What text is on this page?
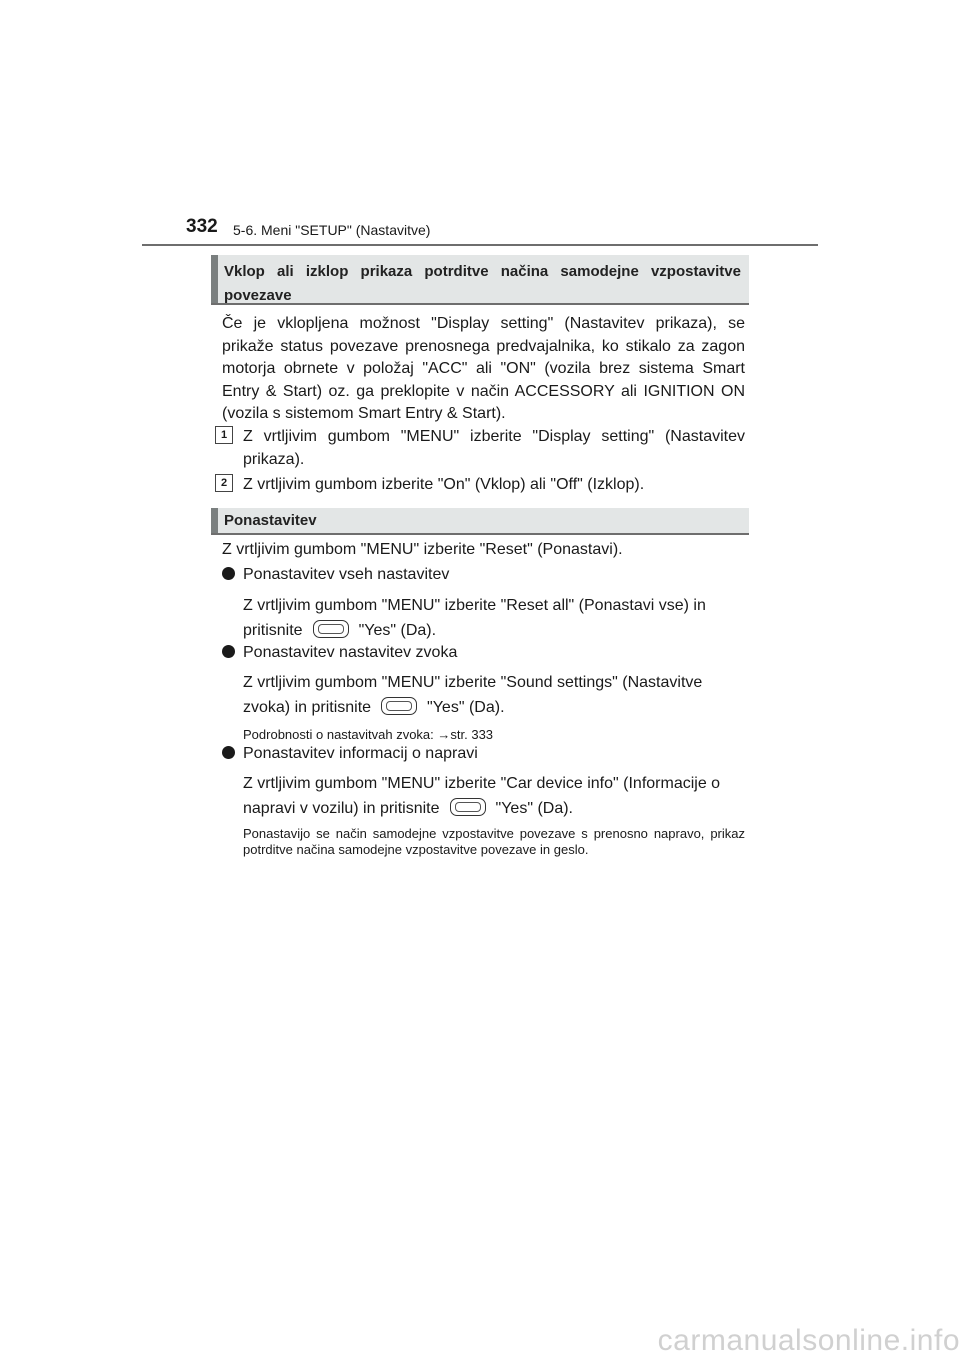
332 5-6. Meni "SETUP" (Nastavitve)
Vklop ali izklop prikaza potrditve načina samodejne vzpostavitve povezave

Če je vklopljena možnost "Display setting" (Nastavitev prikaza), se prikaže status povezave prenosnega predvajalnika, ko stikalo za zagon motorja obrnete v položaj "ACC" ali "ON" (vozila brez sistema Smart Entry & Start) oz. ga preklopite v način ACCESSORY ali IGNITION ON (vozila s sistemom Smart Entry & Start).

1 Z vrtljivim gumbom "MENU" izberite "Display setting" (Nastavitev prikaza).

2 Z vrtljivim gumbom izberite "On" (Vklop) ali "Off" (Izklop).

Ponastavitev
Z vrtljivim gumbom "MENU" izberite "Reset" (Ponastavi).
Ponastavitev vseh nastavitev

Z vrtljivim gumbom "MENU" izberite "Reset all" (Ponastavi vse) in
pritisnite	"Yes" (Da).

Ponastavitev nastavitev zvoka

Z vrtljivim gumbom "MENU" izberite "Sound settings" (Nastavitve
zvoka) in pritisnite	"Yes" (Da).

Podrobnosti o nastavitvah zvoka: →str. 333

Ponastavitev informacij o napravi

Z vrtljivim gumbom "MENU" izberite "Car device info" (Informacije o
napravi v vozilu) in pritisnite	"Yes" (Da).

Ponastavijo se način samodejne vzpostavitve povezave s prenosno napravo, prikaz potrditve načina samodejne vzpostavitve povezave in geslo.

carmanualsonline.info
